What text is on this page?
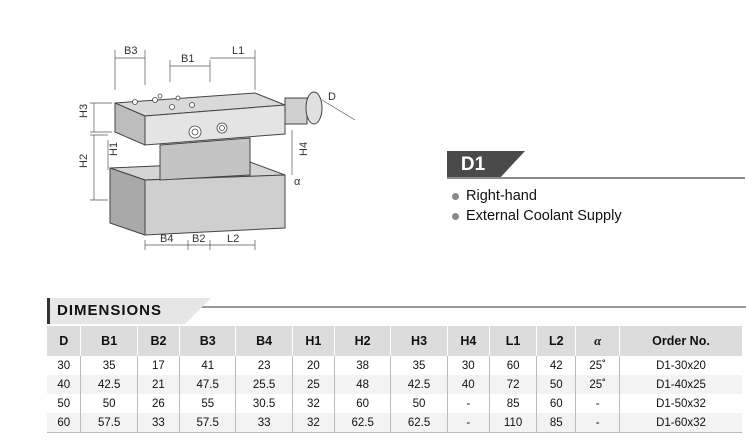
B3
B1
L1
D
H3
H2
H1	H4
α
B4 B2 L2
D1
Right-hand
External Coolant Supply
DIMENSIONS
D	B1	B2	B3	B4	H1	H2	H3	H4	L1	L2	α	Order No.
30	35	17	41	23	20	38	35	30	60	42	25˚	D1-30x20
40	42.5	21	47.5	25.5	25	48	42.5	40	72	50	25˚	D1-40x25
50	50	26	55	30.5	32	60	50	-	85	60	-	D1-50x32
60	57.5	33	57.5	33	32	62.5	62.5	-	110	85	-	D1-60x32
